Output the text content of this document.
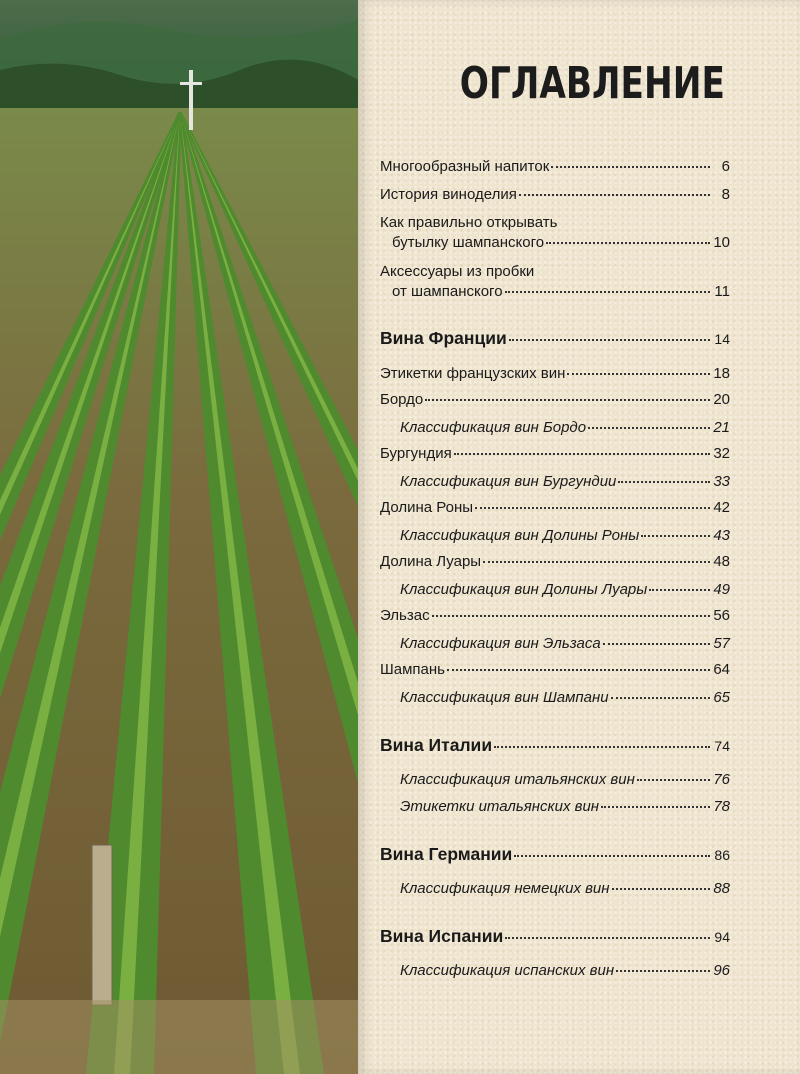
ОГЛАВЛЕНИЕ
Многообразный напиток	6
История виноделия	8
Как правильно открывать
бутылку шампанского	10
Аксессуары из пробки
от шампанского	11
Вина Франции	14
Этикетки французских вин	18
Бордо	20
Классификация вин Бордо	21
Бургундия	32
Классификация вин Бургундии	33
Долина Роны	42
Классификация вин Долины Роны	43
Долина Луары	48
Классификация вин Долины Луары	49
Эльзас	56
Классификация вин Эльзаса	57
Шампань	64
Классификация вин Шампани	65
Вина Италии	74
Классификация итальянских вин	76
Этикетки итальянских вин	78
Вина Германии	86
Классификация немецких вин	88
Вина Испании	94
Классификация испанских вин	96
